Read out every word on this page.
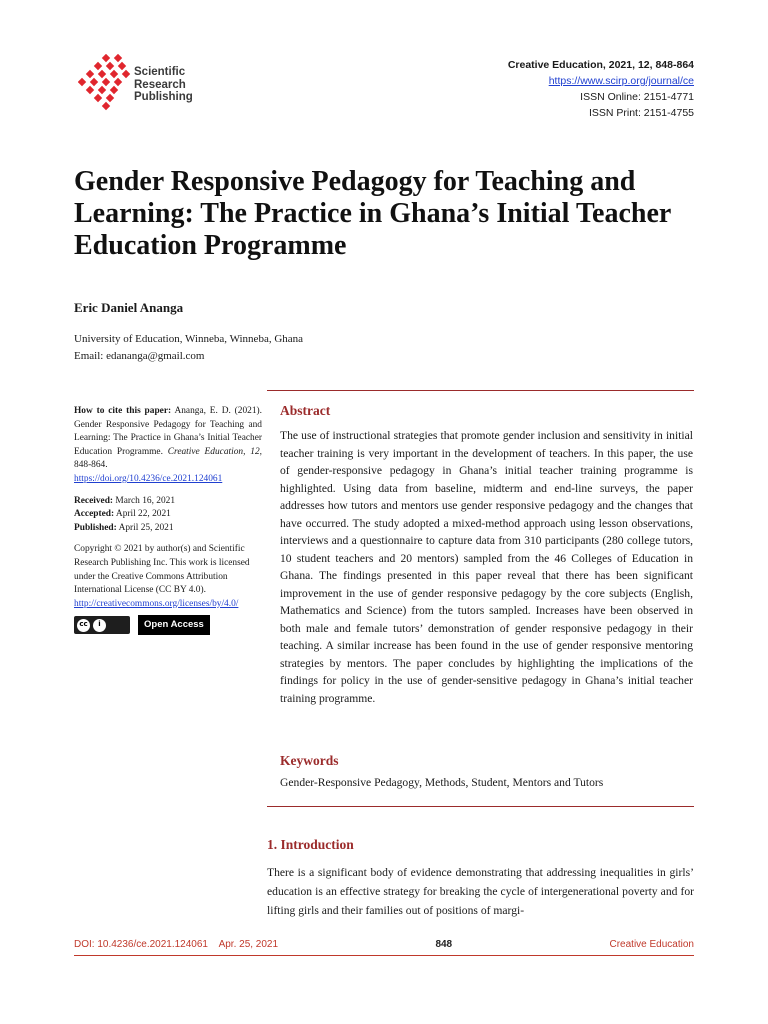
Scientific
Research
Publishing
Creative Education, 2021, 12, 848-864
https://www.scirp.org/journal/ce
ISSN Online: 2151-4771
ISSN Print: 2151-4755
Gender Responsive Pedagogy for Teaching and Learning: The Practice in Ghana’s Initial Teacher Education Programme
Eric Daniel Ananga
University of Education, Winneba, Winneba, Ghana
Email: edananga@gmail.com

How to cite this paper: Ananga, E. D. (2021). Gender Responsive Pedagogy for Teaching and Learning: The Practice in Ghana’s Initial Teacher Education Programme. Creative Education, 12, 848-864.
https://doi.org/10.4236/ce.2021.124061

Received: March 16, 2021
Accepted: April 22, 2021
Published: April 25, 2021

Copyright © 2021 by author(s) and Scientific Research Publishing Inc. This work is licensed under the Creative Commons Attribution International License (CC BY 4.0).

http://creativecommons.org/licenses/by/4.0/

cc	i	Open Access
Abstract
The use of instructional strategies that promote gender inclusion and sensitivity in initial teacher training is very important in the development of teachers. In this paper, the use of gender-responsive pedagogy in Ghana’s initial teacher training programme is highlighted. Using data from baseline, midterm and end-line surveys, the paper addresses how tutors and mentors use gender responsive pedagogy and the changes that have occurred. The study adopted a mixed-method approach using lesson observations, interviews and a questionnaire to capture data from 310 participants (280 college tutors, 10 student teachers and 20 mentors) sampled from the 46 Colleges of Education in Ghana. The findings presented in this paper reveal that there has been significant improvement in the use of gender responsive pedagogy by the core subjects (English, Mathematics and Science) from the tutors sampled. Increases have been observed in both male and female tutors’ demonstration of gender responsive pedagogy in their teaching. A similar increase has been found in the use of gender responsive mentoring strategies by mentors. The paper concludes by highlighting the implications of the findings for policy in the use of gender-sensitive pedagogy in Ghana’s initial teacher training programme.
Keywords
Gender-Responsive Pedagogy, Methods, Student, Mentors and Tutors
1. Introduction
There is a significant body of evidence demonstrating that addressing inequalities in girls’ education is an effective strategy for breaking the cycle of intergenerational poverty and for lifting girls and their families out of positions of margi-
DOI: 10.4236/ce.2021.124061 Apr. 25, 2021	848	Creative Education
